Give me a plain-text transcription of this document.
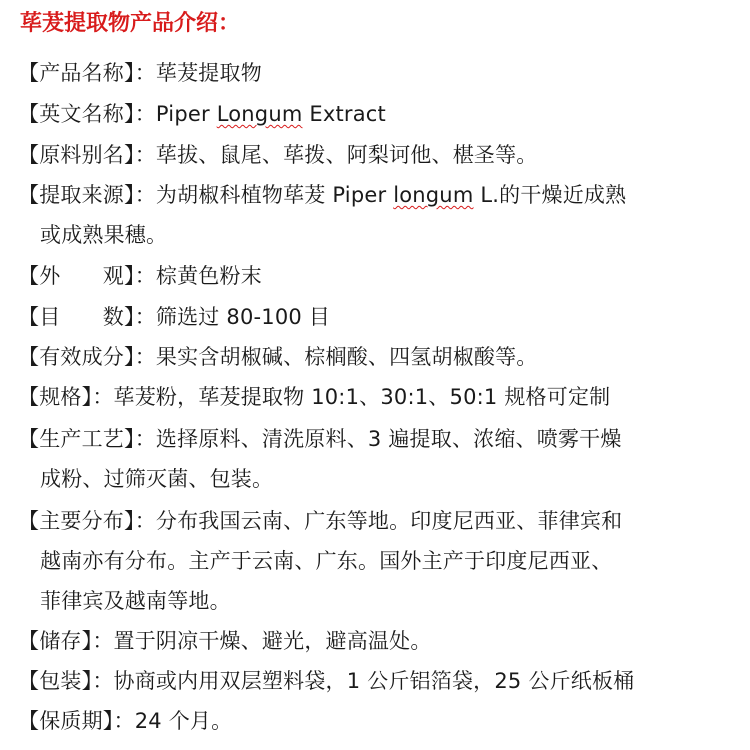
荜茇提取物产品介绍：
【产品名称】：荜茇提取物
【英文名称】：Piper Longum Extract
【原料别名】：荜拔、鼠尾、荜拨、阿梨诃他、椹圣等。
【提取来源】：为胡椒科植物荜茇 Piper longum L.的干燥近成熟
或成熟果穗。
【外　　观】：棕黄色粉末
【目　　数】：筛选过 80-100 目
【有效成分】：果实含胡椒碱、棕榈酸、四氢胡椒酸等。
【规格】：荜茇粉，荜茇提取物 10:1、30:1、50:1 规格可定制
【生产工艺】：选择原料、清洗原料、3 遍提取、浓缩、喷雾干燥
成粉、过筛灭菌、包装。
【主要分布】：分布我国云南、广东等地。印度尼西亚、菲律宾和
越南亦有分布。主产于云南、广东。国外主产于印度尼西亚、
菲律宾及越南等地。
【储存】：置于阴凉干燥、避光，避高温处。
【包装】：协商或内用双层塑料袋，1 公斤铝箔袋，25 公斤纸板桶
【保质期】：24 个月。
